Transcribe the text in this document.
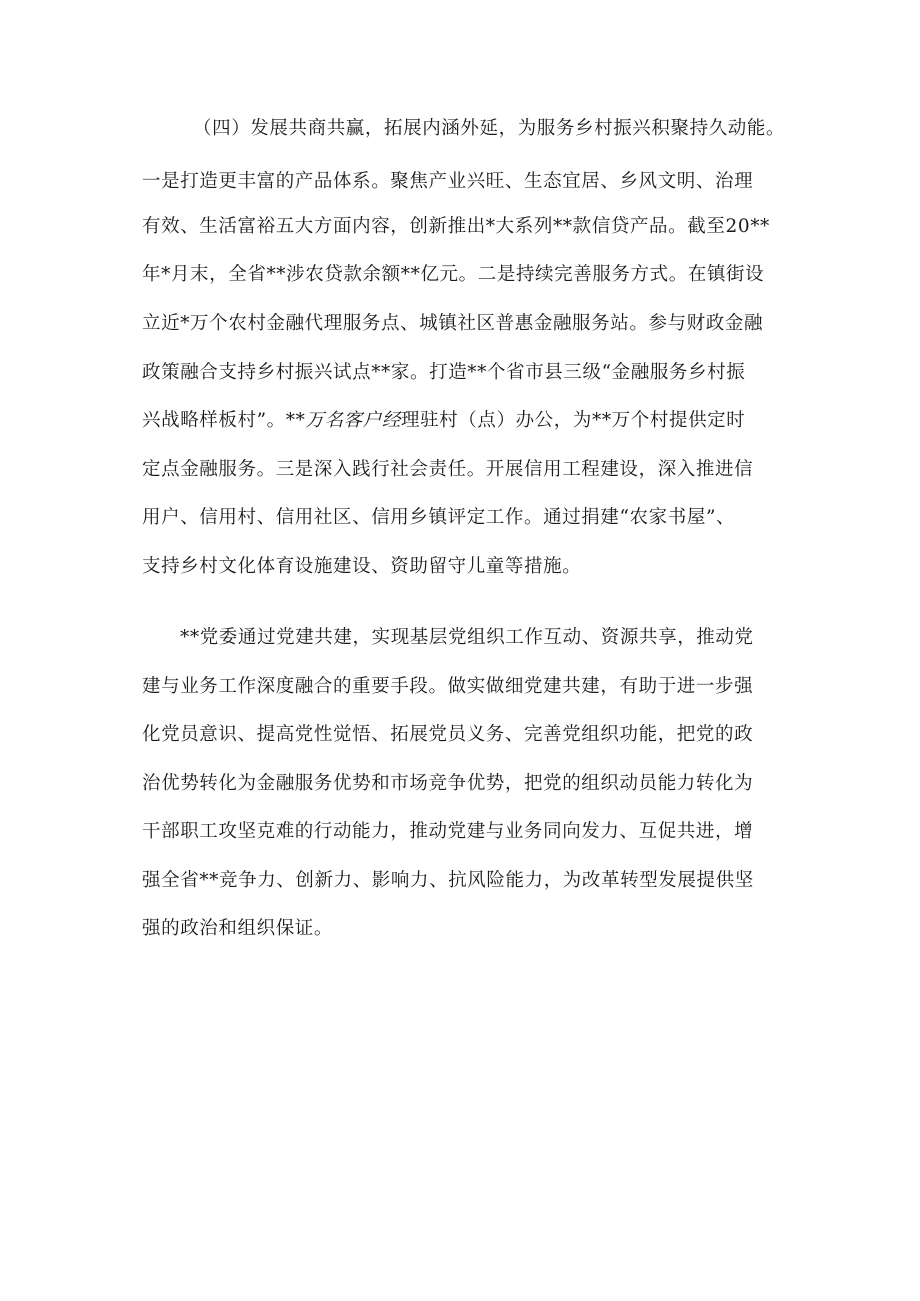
（四）发展共商共赢，拓展内涵外延，为服务乡村振兴积聚持久动能。
一是打造更丰富的产品体系。聚焦产业兴旺、生态宜居、乡风文明、治理
有效、生活富裕五大方面内容，创新推出*大系列**款信贷产品。截至20**
年*月末，全省**涉农贷款余额**亿元。二是持续完善服务方式。在镇街设
立近*万个农村金融代理服务点、城镇社区普惠金融服务站。参与财政金融
政策融合支持乡村振兴试点**家。打造**个省市县三级“金融服务乡村振
兴战略样板村”。**万名客户经理驻村（点）办公，为**万个村提供定时
定点金融服务。三是深入践行社会责任。开展信用工程建设，深入推进信
用户、信用村、信用社区、信用乡镇评定工作。通过捐建“农家书屋”、
支持乡村文化体育设施建设、资助留守儿童等措施。
**党委通过党建共建，实现基层党组织工作互动、资源共享，推动党
建与业务工作深度融合的重要手段。做实做细党建共建，有助于进一步强
化党员意识、提高党性觉悟、拓展党员义务、完善党组织功能，把党的政
治优势转化为金融服务优势和市场竞争优势，把党的组织动员能力转化为
干部职工攻坚克难的行动能力，推动党建与业务同向发力、互促共进，增
强全省**竞争力、创新力、影响力、抗风险能力，为改革转型发展提供坚
强的政治和组织保证。
